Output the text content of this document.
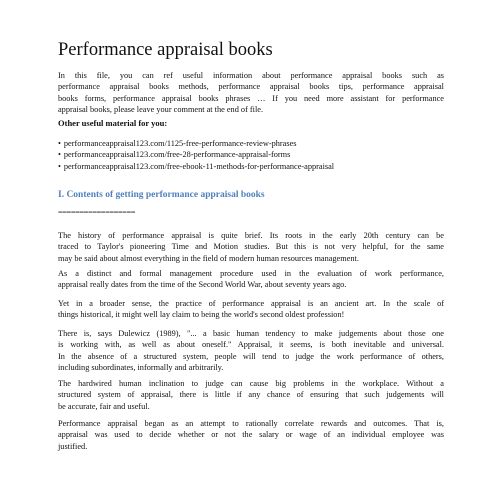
Performance appraisal books
In this file, you can ref useful information about performance appraisal books such as
performance appraisal books methods, performance appraisal books tips, performance appraisal
books forms, performance appraisal books phrases … If you need more assistant for performance
appraisal books, please leave your comment at the end of file.
Other useful material for you:
• performanceappraisal123.com/1125-free-performance-review-phrases
• performanceappraisal123.com/free-28-performance-appraisal-forms
• performanceappraisal123.com/free-ebook-11-methods-for-performance-appraisal
I. Contents of getting performance appraisal books
==================
The history of performance appraisal is quite brief. Its roots in the early 20th century can be
traced to Taylor's pioneering Time and Motion studies. But this is not very helpful, for the same
may be said about almost everything in the field of modern human resources management.
As a distinct and formal management procedure used in the evaluation of work performance,
appraisal really dates from the time of the Second World War, about seventy years ago.
Yet in a broader sense, the practice of performance appraisal is an ancient art. In the scale of
things historical, it might well lay claim to being the world's second oldest profession!
There is, says Dulewicz (1989), "... a basic human tendency to make judgements about those one
is working with, as well as about oneself." Appraisal, it seems, is both inevitable and universal.
In the absence of a structured system, people will tend to judge the work performance of others,
including subordinates, informally and arbitrarily.
The hardwired human inclination to judge can cause big problems in the workplace. Without a
structured system of appraisal, there is little if any chance of ensuring that such judgements will
be accurate, fair and useful.
Performance appraisal began as an attempt to rationally correlate rewards and outcomes. That is,
appraisal was used to decide whether or not the salary or wage of an individual employee was
justified.
